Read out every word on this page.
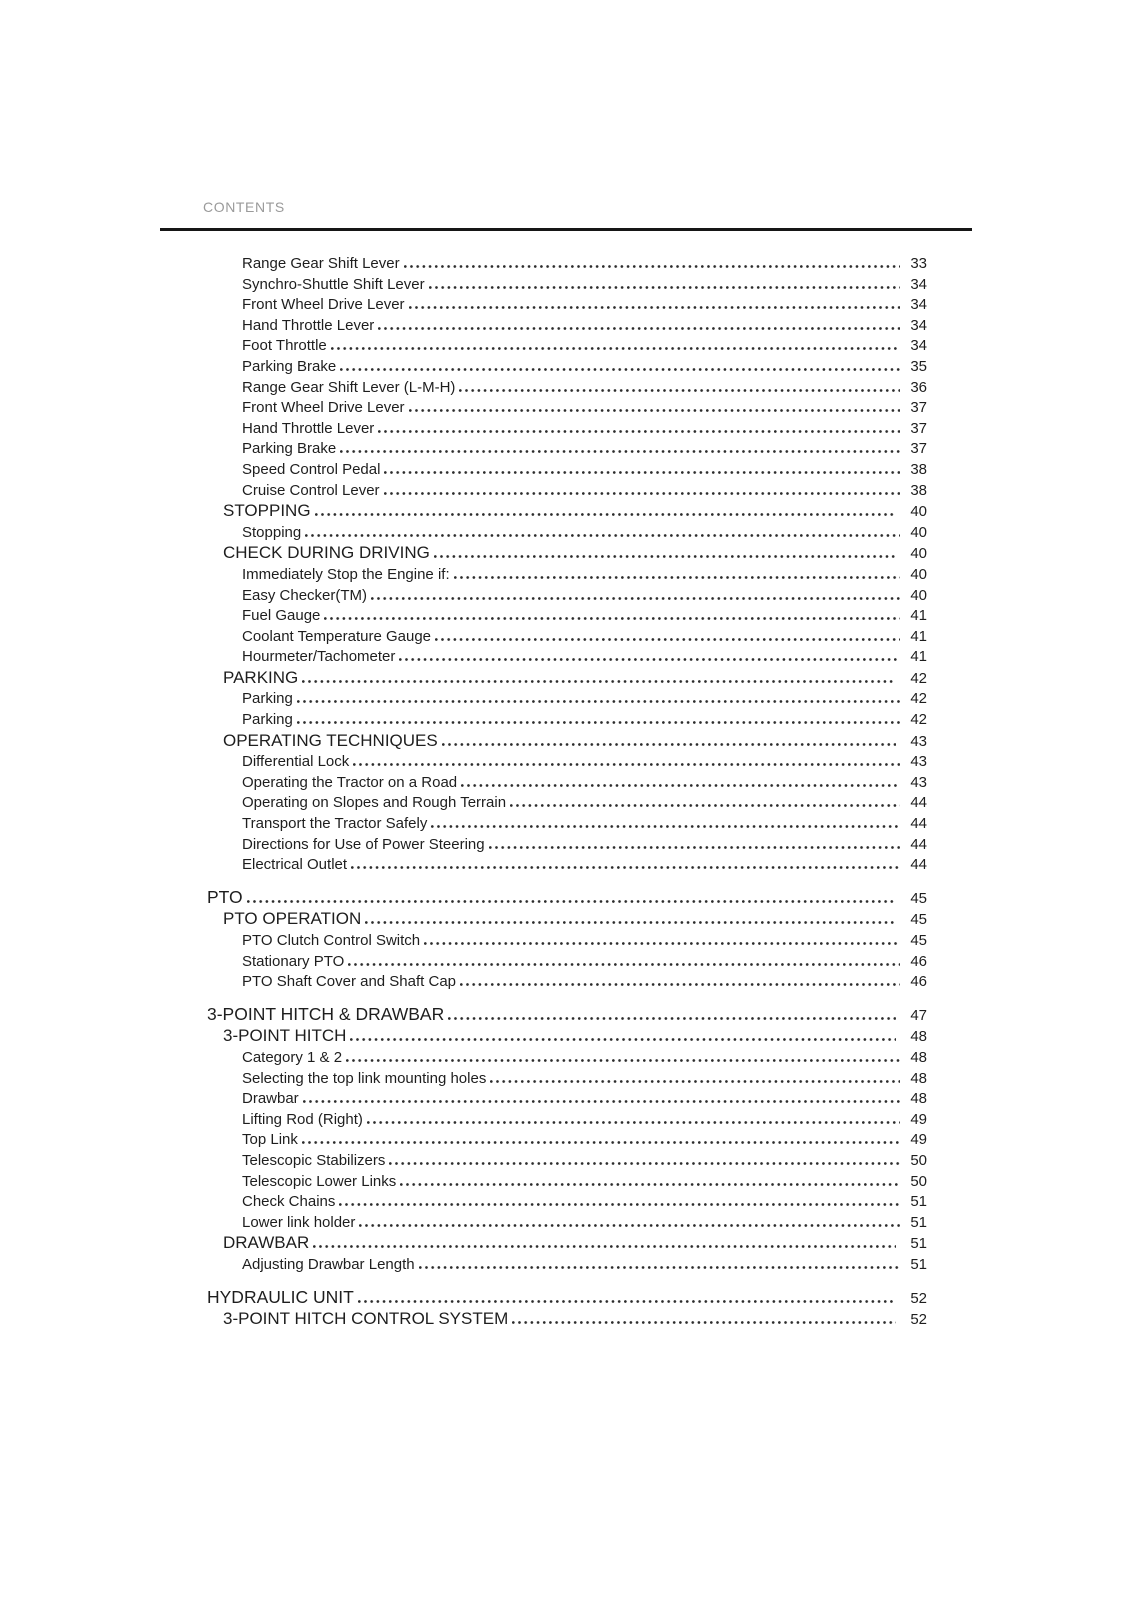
CONTENTS
Range Gear Shift Lever	33
Synchro-Shuttle Shift Lever	34
Front Wheel Drive Lever	34
Hand Throttle Lever	34
Foot Throttle	34
Parking Brake	35
Range Gear Shift Lever (L-M-H)	36
Front Wheel Drive Lever	37
Hand Throttle Lever	37
Parking Brake	37
Speed Control Pedal	38
Cruise Control Lever	38
STOPPING	40
Stopping	40
CHECK DURING DRIVING	40
Immediately Stop the Engine if:	40
Easy Checker(TM)	40
Fuel Gauge	41
Coolant Temperature Gauge	41
Hourmeter/Tachometer	41
PARKING	42
Parking	42
Parking	42
OPERATING TECHNIQUES	43
Differential Lock	43
Operating the Tractor on a Road	43
Operating on Slopes and Rough Terrain	44
Transport the Tractor Safely	44
Directions for Use of Power Steering	44
Electrical Outlet	44
PTO	45
PTO OPERATION	45
PTO Clutch Control Switch	45
Stationary PTO	46
PTO Shaft Cover and Shaft Cap	46
3-POINT HITCH & DRAWBAR	47
3-POINT HITCH	48
Category 1 & 2	48
Selecting the top link mounting holes	48
Drawbar	48
Lifting Rod (Right)	49
Top Link	49
Telescopic Stabilizers	50
Telescopic Lower Links	50
Check Chains	51
Lower link holder	51
DRAWBAR	51
Adjusting Drawbar Length	51
HYDRAULIC UNIT	52
3-POINT HITCH CONTROL SYSTEM	52
